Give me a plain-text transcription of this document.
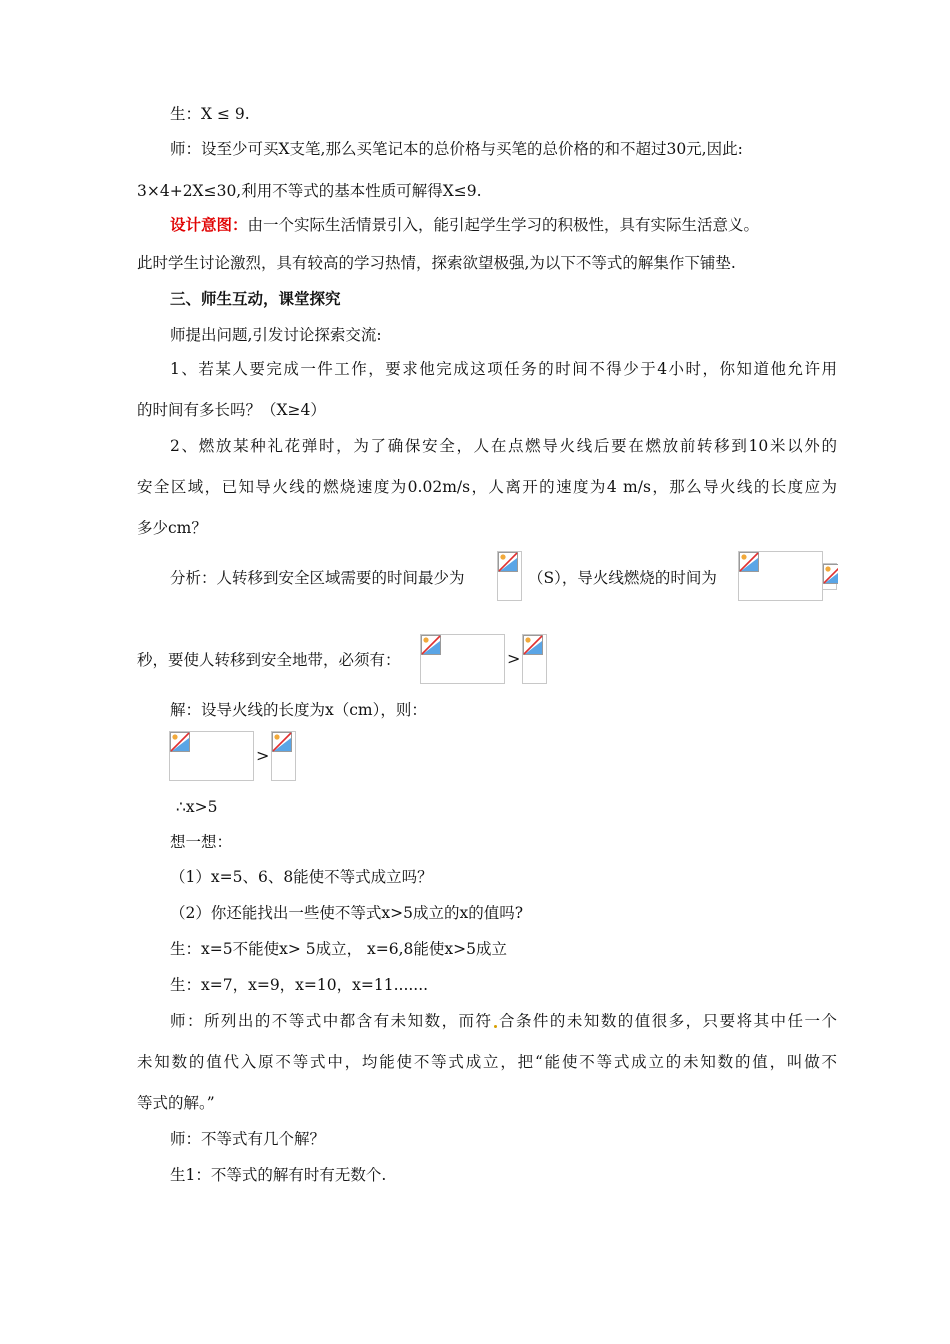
生：X ≤ 9.
师：设至少可买X支笔,那么买笔记本的总价格与买笔的总价格的和不超过30元,因此:
3×4+2X≤30,利用不等式的基本性质可解得X≤9.
设计意图：由一个实际生活情景引入，能引起学生学习的积极性，具有实际生活意义。
此时学生讨论激烈，具有较高的学习热情，探索欲望极强,为以下不等式的解集作下铺垫.
三、师生互动，课堂探究
师提出问题,引发讨论探索交流:
1、若某人要完成一件工作，要求他完成这项任务的时间不得少于4小时，你知道他允许用
的时间有多长吗？（X≥4）
2、燃放某种礼花弹时，为了确保安全，人在点燃导火线后要在燃放前转移到10米以外的
安全区域，已知导火线的燃烧速度为0.02m/s，人离开的速度为4 m/s，那么导火线的长度应为
多少cm？
分析：人转移到安全区域需要的时间最少为	（S），导火线燃烧的时间为
秒，要使人转移到安全地带，必须有：	>
解：设导火线的长度为x（cm），则：
>
∴x>5
想一想：
（1）x=5、6、8能使不等式成立吗？
（2）你还能找出一些使不等式x>5成立的x的值吗?
生：x=5不能使x> 5成立， x=6,8能使x>5成立
生：x=7，x=9，x=10，x=11.......
师：所列出的不等式中都含有未知数，而符 合条件的未知数的值很多，只要将其中任一个
未知数的值代入原不等式中，均能使不等式成立，把“能使不等式成立的未知数的值，叫做不
等式的解。”
师：不等式有几个解？
生1：不等式的解有时有无数个.
